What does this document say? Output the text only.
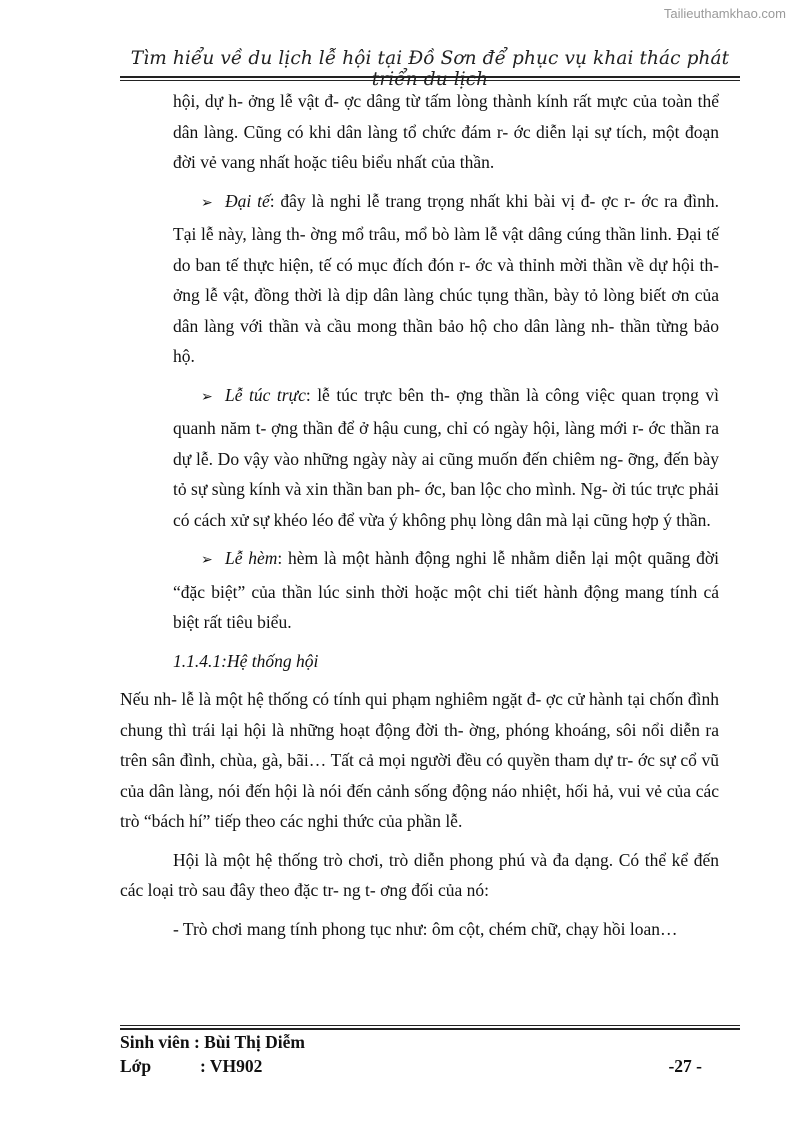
Tailieuthamkhao.com
Tìm hiểu về du lịch lễ hội tại Đồ Sơn để phục vụ khai thác phát

hội, dự h- ởng lễ vật đ- ợc dâng từ tấm lòng thành kính rất mực của toàn thể dân làng. Cũng có khi dân làng tổ chức đám r- ớc diễn lại sự tích, một đoạn đời vẻ vang nhất hoặc tiêu biểu nhất của thần.

➢ Đại tế: đây là nghi lễ trang trọng nhất khi bài vị đ- ợc r- ớc ra đình. Tại lễ này, làng th- ờng mổ trâu, mổ bò làm lễ vật dâng cúng thần linh. Đại tế do ban tế thực hiện, tế có mục đích đón r- ớc và thỉnh mời thần về dự hội th- ởng lễ vật, đồng thời là dịp dân làng chúc tụng thần, bày tỏ lòng biết ơn của dân làng với thần và cầu mong thần bảo hộ cho dân làng nh- thần từng bảo hộ.

➢ Lễ túc trực: lễ túc trực bên th- ợng thần là công việc quan trọng vì quanh năm t- ợng thần để ở hậu cung, chỉ có ngày hội, làng mới r- ớc thần ra dự lễ. Do vậy vào những ngày này ai cũng muốn đến chiêm ng- ỡng, đến bày tỏ sự sùng kính và xin thần ban ph- ớc, ban lộc cho mình. Ng- ời túc trực phải có cách xử sự khéo léo để vừa ý không phụ lòng dân mà lại cũng hợp ý thần.

➢ Lễ hèm: hèm là một hành động nghi lễ nhằm diễn lại một quãng đời “đặc biệt” của thần lúc sinh thời hoặc một chi tiết hành động mang tính cá biệt rất tiêu biểu.

1.1.4.1:Hệ thống hội

Nếu nh- lễ là một hệ thống có tính qui phạm nghiêm ngặt đ- ợc cử hành tại chốn đình chung thì trái lại hội là những hoạt động đời th- ờng, phóng khoáng, sôi nổi diễn ra trên sân đình, chùa, gà, bãi… Tất cả mọi người đều có quyền tham dự tr- ớc sự cổ vũ của dân làng, nói đến hội là nói đến cảnh sống động náo nhiệt, hối hả, vui vẻ của các trò “bách hí” tiếp theo các nghi thức của phần lễ.

Hội là một hệ thống trò chơi, trò diễn phong phú và đa dạng. Có thể kể đến các loại trò sau đây theo đặc tr- ng t- ơng đối của nó:

- Trò chơi mang tính phong tục như: ôm cột, chém chữ, chạy hồi loan…

Sinh viên : Bùi Thị Diễm
Lớp	: VH902	-27 -
